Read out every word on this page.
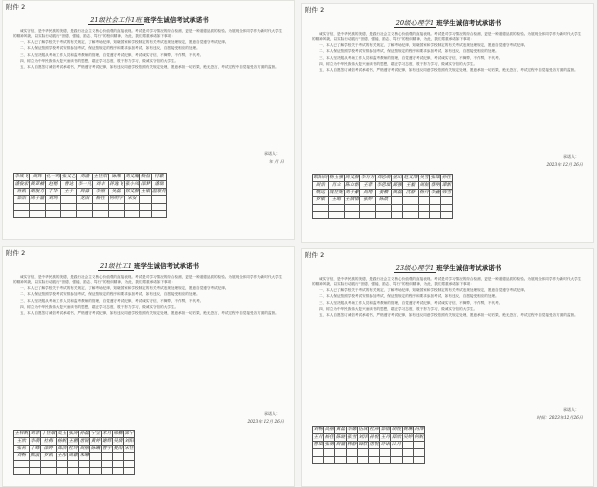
附件 2
21级社会工作1班 班学生诚信考试承诺书

诚实守信，是中华民族的美德，是践行社会主义核心价值观的直接表现。考试是对学习情况的综合检测，更是一种道德品质的检验。为展现全体同学作为新时代大学生的精神风貌，以实际行动践行“崇德、强能、励志、笃行”的校训精神，为此，我们郑重承诺如下事项：

一、本人已了解学校关于考试的有关规定，了解考场纪律，知晓国家和学校制定的有关考试违规处理规定，愿意自觉遵守考试纪律。

二、本人保证按照学校考试安排参加考试，保证按规定的程序和要求参加考试，如有违反，自愿接受相应的处理。

三、本人坚决服从考场工作人员和监考教师的管理，自觉遵守考试纪律，考试诚实守信，不舞弊，不作弊，不代考。

四、树立为中华民族伟大复兴而读书的思想，端正学习态度，敦于努力学习，做诚实守信的大学生。

五、本人自愿签订诚信考试承诺书，严格遵守考试纪律，如有违反同意学校依照有关规定处理，愿意承担一切后果，绝无怨言，考试过程中自觉接受各方面的监督。

承诺人：
年 月 日
李成飞	周辉	孔一鸣	张文艺	刘潘	王佳欣	陈湘	刘文瀚	杨益	付颖
潘俊宏	黄亚楠	赵楷	曹达	李一凡	刘丰	蒋逸飞	张小凤	邵梦	潘瑞
蒋凯	胡俊力	于华	王子	周淼	李丽	吴磊	徐文静	王敏	温蒙亮
郭浩	周子涵	刘珂		龙雨	杨佳	何明宇	宋安		

附件 2
20级心理学1 班学生诚信考试承诺书

诚实守信，是中华民族的美德，是践行社会主义核心价值观的直接表现。考试是对学习情况的综合检测，更是一种道德品质的检验。为展现全体同学作为新时代大学生的精神风貌，以实际行动践行“崇德、强能、励志、笃行”的校训精神，为此，我们郑重承诺如下事项：

一、本人已了解学校关于考试的有关规定，了解考场纪律，知晓国家和学校制定的有关考试违规处理规定，愿意自觉遵守考试纪律。

二、本人保证按照学校考试安排参加考试，保证按规定的程序和要求参加考试，如有违反，自愿接受相应的处理。

三、本人坚决服从考场工作人员和监考教师的管理，自觉遵守考试纪律，考试诚实守信，不舞弊，不作弊，不代考。

四、树立为中华民族伟大复兴而读书的思想，端正学习态度，敦于努力学习，做诚实守信的大学生。

五、本人自愿签订诚信考试承诺书，严格遵守考试纪律，如有违反同意学校依照有关规定处理，愿意承担一切后果，绝无怨言，考试过程中自觉接受各方面的监督。

承诺人：
2023年 12月 26日
欧阳尚	杨玉强	周文静	李方方	刘思萌	金山	赵文博	吴雪	张瑞	孙佳
周浩	肖立	陈立新	王菲	李思琪	郑强	王毅	周航	蔡明	谭新
姚远	庞佳妮	刘子豪	高翔	姜楠	黄磊	沈静	杨丹	李鑫	韩雪
罗敏	王晴	王倩倩	张婷	陈晨					

附件 2
21级社工1 班学生诚信考试承诺书

诚实守信，是中华民族的美德，是践行社会主义核心价值观的直接表现。考试是对学习情况的综合检测，更是一种道德品质的检验。为展现全体同学作为新时代大学生的精神风貌，以实际行动践行“崇德、强能、励志、笃行”的校训精神，为此，我们郑重承诺如下事项：

一、本人已了解学校关于考试的有关规定，了解考场纪律，知晓国家和学校制定的有关考试违规处理规定，愿意自觉遵守考试纪律。

二、本人保证按照学校考试安排参加考试，保证按规定的程序和要求参加考试，如有违反，自愿接受相应的处理。

三、本人坚决服从考场工作人员和监考教师的管理，自觉遵守考试纪律，考试诚实守信，不舞弊，不作弊，不代考。

四、树立为中华民族伟大复兴而读书的思想，端正学习态度，敦于努力学习，做诚实守信的大学生。

五、本人自愿签订诚信考试承诺书，严格遵守考试纪律，如有违反同意学校依照有关规定处理，愿意承担一切后果，绝无怨言，考试过程中自觉接受各方面的监督。

承诺人：
2023年 12月 26日
王梓帆	刘菲	丁佳敏	莫玉	张涛	孙磊	宁莹	米月	邢楠	郭宁
王欣	李萌	杜梅	杨帆	王鹏	唐锐	黄婷	谢辉	吴倩	刘阳
张莉	丁峰	邵婷	郑浩	杜玲	周丽	陈曦	曹宇	夏雨	宋佳
刘畅	熊波	罗凯	王彤	周颖	朱琳				

附件 2
23级心理学1 班学生诚信考试承诺书

诚实守信，是中华民族的美德，是践行社会主义核心价值观的直接表现。考试是对学习情况的综合检测，更是一种道德品质的检验。为展现全体同学作为新时代大学生的精神风貌，以实际行动践行“崇德、强能、励志、笃行”的校训精神，为此，我们郑重承诺如下事项：

一、本人已了解学校关于考试的有关规定，了解考场纪律，知晓国家和学校制定的有关考试违规处理规定，愿意自觉遵守考试纪律。

二、本人保证按照学校考试安排参加考试，保证按规定的程序和要求参加考试，如有违反，自愿接受相应的处理。

三、本人坚决服从考场工作人员和监考教师的管理，自觉遵守考试纪律，考试诚实守信，不舞弊，不作弊，不代考。

四、树立为中华民族伟大复兴而读书的思想，端正学习态度，敦于努力学习，做诚实守信的大学生。

五、本人自愿签订诚信考试承诺书，严格遵守考试纪律，如有违反同意学校依照有关规定处理，愿意承担一切后果，绝无怨言，考试过程中自觉接受各方面的监督。

承诺人：
时间：2023年12月26日
刘畅	高丽	黄磊	李娜	伍成	杜萍	郭倩	胡悦	姚琳	冯博
王月	杨佳	陈晓	张雪	刘洋	孙悦	王丹	郑欣	吴婷	何帆
曹琪	张萌	周涵	林静	谭欣	唐悦	许诺	江月		
